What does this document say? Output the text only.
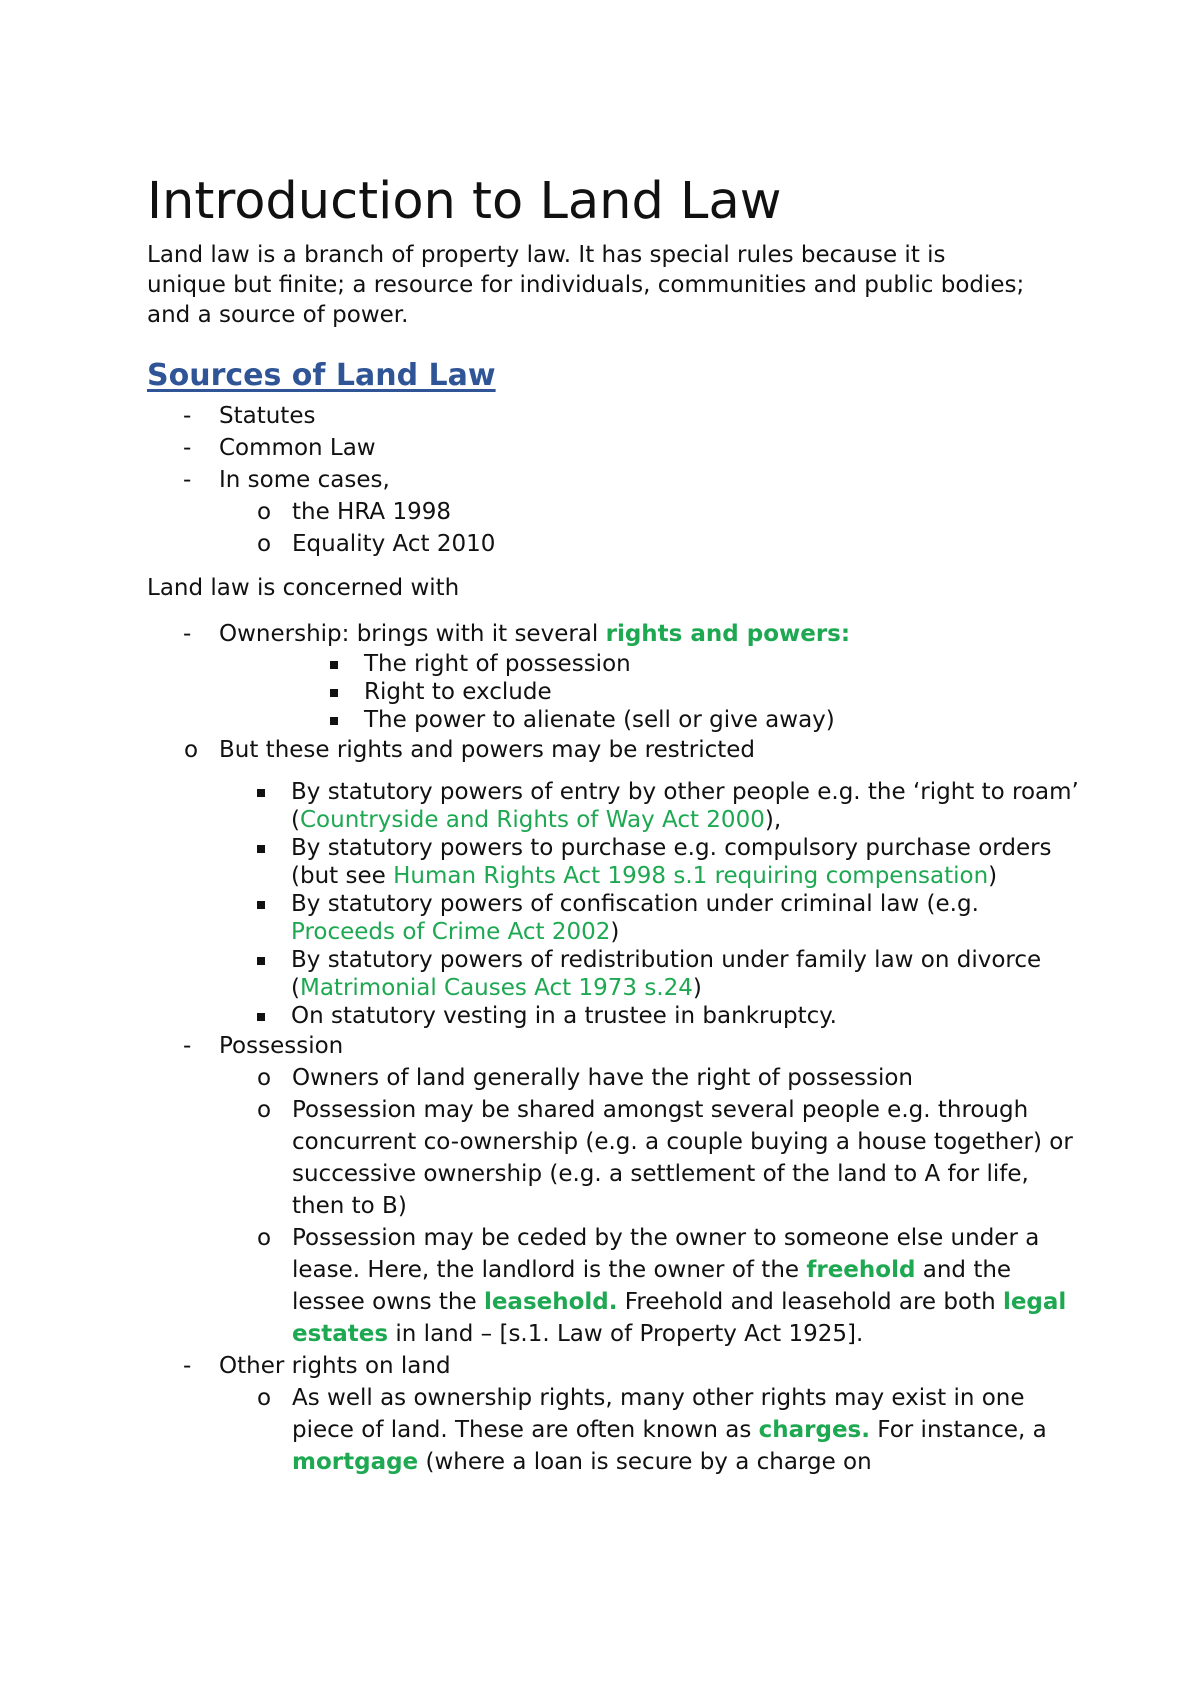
Introduction to Land Law

Land law is a branch of property law. It has special rules because it is unique but finite; a resource for individuals, communities and public bodies; and a source of power.

Sources of Land Law
-
Statutes
-
Common Law
-
In some cases,
o
the HRA 1998
o
Equality Act 2010

Land law is concerned with

-
Ownership: brings with it several rights and powers:
The right of possession
Right to exclude
The power to alienate (sell or give away)
o
But these rights and powers may be restricted
By statutory powers of entry by other people e.g. the ‘right to roam’ (Countryside and Rights of Way Act 2000),
By statutory powers to purchase e.g. compulsory purchase orders (but see Human Rights Act 1998 s.1 requiring compensation)
By statutory powers of confiscation under criminal law (e.g. Proceeds of Crime Act 2002)
By statutory powers of redistribution under family law on divorce (Matrimonial Causes Act 1973 s.24)
On statutory vesting in a trustee in bankruptcy.
-
Possession
o
Owners of land generally have the right of possession
o
Possession may be shared amongst several people e.g. through concurrent co-ownership (e.g. a couple buying a house together) or successive ownership (e.g. a settlement of the land to A for life, then to B)
o
Possession may be ceded by the owner to someone else under a lease. Here, the landlord is the owner of the freehold and the lessee owns the leasehold. Freehold and leasehold are both legal estates in land – [s.1. Law of Property Act 1925].
-
Other rights on land
o
As well as ownership rights, many other rights may exist in one piece of land. These are often known as charges. For instance, a mortgage (where a loan is secure by a charge on
